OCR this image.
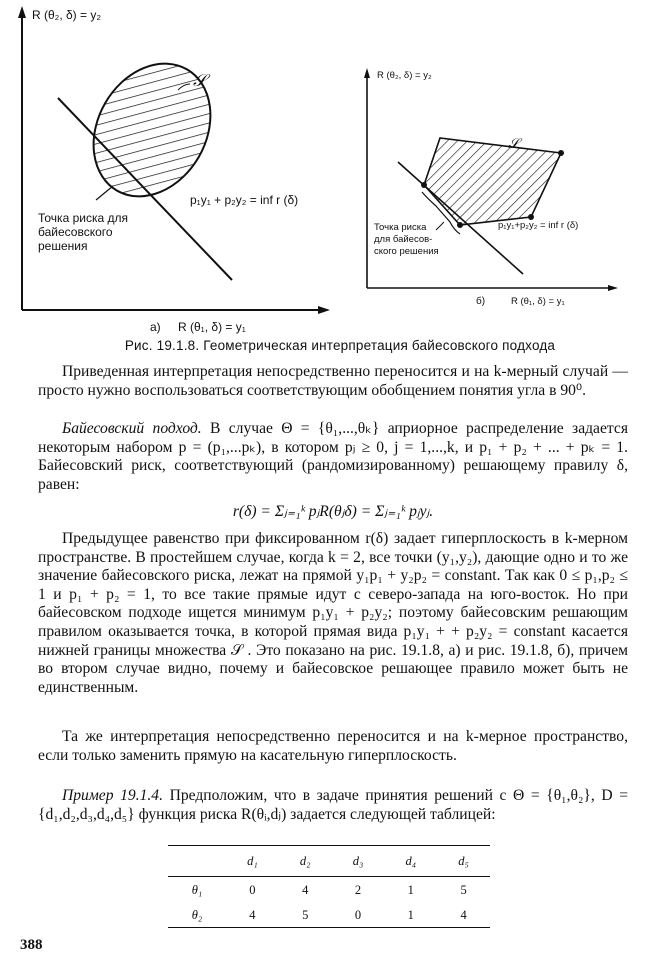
R (θ₂, δ) = y₂
𝒮
p₁y₁ + p₂y₂ = inf r (δ)
Точка риска для
байесовского
решения
а) R (θ₁, δ) = y₁
R (θ₂, δ) = y₂
𝒮
p₁y₁+p₂y₂ = inf r (δ)
Точка риска
для байесов-
ского решения
б)	R (θ₁, δ) = y₁
Рис. 19.1.8. Геометрическая интерпретация байесовского подхода

Приведенная интерпретация непосредственно переносится и на k-мерный случай — просто нужно воспользоваться соответствующим обобщением понятия угла в 90⁰.

Байесовский подход. В случае Θ = {θ₁,...,θₖ} априорное распределение задается некоторым набором p = (p₁,...pₖ), в котором pⱼ ≥ 0, j = 1,...,k, и p₁ + p₂ + ... + pₖ = 1. Байесовский риск, соответствующий (рандомизированному) решающему правилу δ, равен:

r(δ) = Σⱼ₌₁ᵏ pⱼR(θⱼδ) = Σⱼ₌₁ᵏ pⱼyⱼ.

Предыдущее равенство при фиксированном r(δ) задает гиперплоскость в k-мерном пространстве. В простейшем случае, когда k = 2, все точки (y₁,y₂), дающие одно и то же значение байесовского риска, лежат на прямой y₁p₁ + y₂p₂ = constant. Так как 0 ≤ p₁,p₂ ≤ 1 и p₁ + p₂ = 1, то все такие прямые идут с северо-запада на юго-восток. Но при байесовском подходе ищется минимум p₁y₁ + p₂y₂; поэтому байесовским решающим правилом оказывается точка, в которой прямая вида p₁y₁ + + p₂y₂ = constant касается нижней границы множества 𝒮 . Это показано на рис. 19.1.8, а) и рис. 19.1.8, б), причем во втором случае видно, почему и байесовское решающее правило может быть не единственным.

Та же интерпретация непосредственно переносится и на k-мерное пространство, если только заменить прямую на касательную гиперплоскость.

Пример 19.1.4. Предположим, что в задаче принятия решений с Θ = {θ₁,θ₂}, D = {d₁,d₂,d₃,d₄,d₅} функция риска R(θᵢ,dⱼ) задается следующей таблицей:

	d₁	d₂	d₃	d₄	d₅
θ₁	0	4	2	1	5
θ₂	4	5	0	1	4
388
